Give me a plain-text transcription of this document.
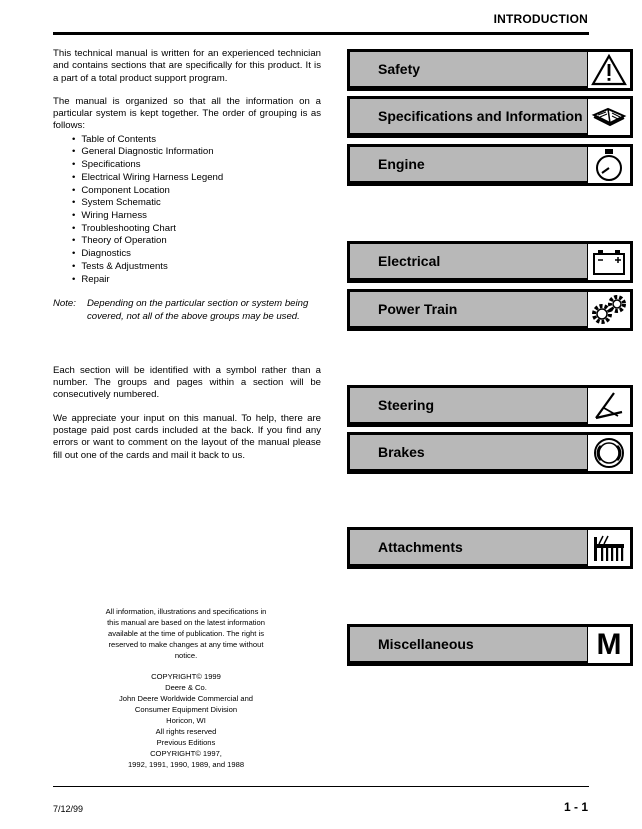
INTRODUCTION

This technical manual is written for an experienced technician and contains sections that are specifically for this product. It is a part of a total product support program.

The manual is organized so that all the information on a particular system is kept together. The order of grouping is as follows:

• Table of Contents
• General Diagnostic Information
• Specifications
• Electrical Wiring Harness Legend
• Component Location
• System Schematic
• Wiring Harness
• Troubleshooting Chart
• Theory of Operation
• Diagnostics
• Tests & Adjustments
• Repair
Note:	Depending on the particular section or system being covered, not all of the above groups may be used.

Each section will be identified with a symbol rather than a number. The groups and pages within a section will be consecutively numbered.

We appreciate your input on this manual. To help, there are postage paid post cards included at the back. If you find any errors or want to comment on the layout of the manual please fill out one of the cards and mail it back to us.

All information, illustrations and specifications in this manual are based on the latest information available at the time of publication. The right is reserved to make changes at any time without notice.
COPYRIGHT© 1999
Deere & Co.
John Deere Worldwide Commercial and
Consumer Equipment Division
Horicon, WI
All rights reserved
Previous Editions
COPYRIGHT© 1997,
1992, 1991, 1990, 1989, and 1988
Safety
Specifications and Information
Engine
Electrical
Power Train
Steering
Brakes
Attachments
Miscellaneous	M
7/12/99	1 - 1
